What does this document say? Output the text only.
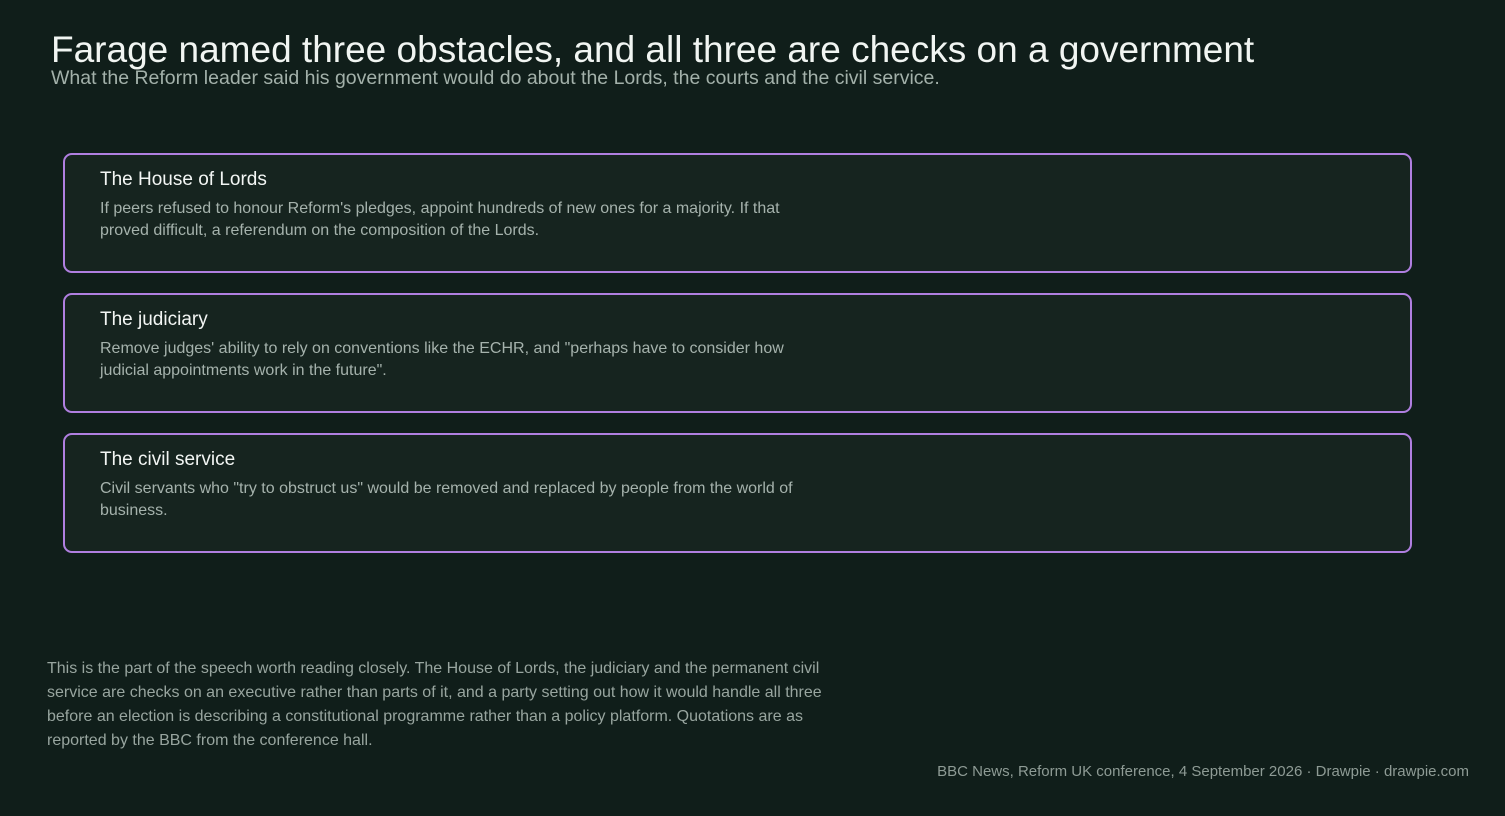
Farage named three obstacles, and all three are checks on a government

What the Reform leader said his government would do about the Lords, the courts and the civil service.

The House of Lords

If peers refused to honour Reform's pledges, appoint hundreds of new ones for a majority. If that proved difficult, a referendum on the composition of the Lords.

The judiciary

Remove judges' ability to rely on conventions like the ECHR, and "perhaps have to consider how judicial appointments work in the future".

The civil service

Civil servants who "try to obstruct us" would be removed and replaced by people from the world of business.

This is the part of the speech worth reading closely. The House of Lords, the judiciary and the permanent civil service are checks on an executive rather than parts of it, and a party setting out how it would handle all three before an election is describing a constitutional programme rather than a policy platform. Quotations are as reported by the BBC from the conference hall.

BBC News, Reform UK conference, 4 September 2026 · Drawpie · drawpie.com
